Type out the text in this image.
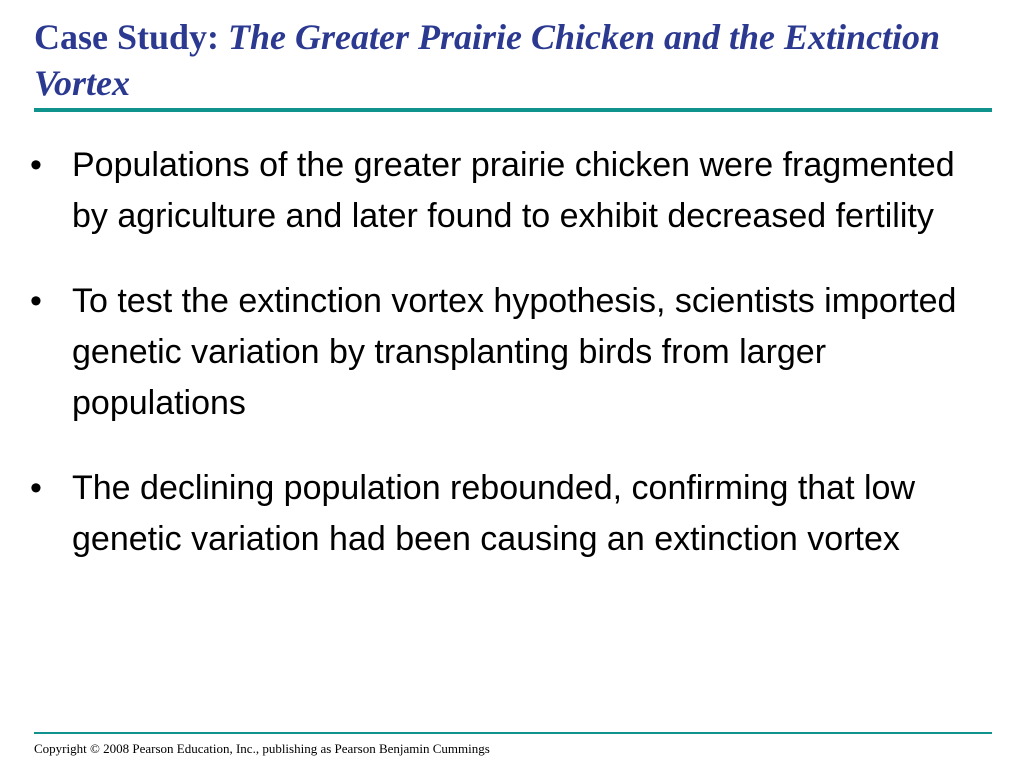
Case Study: The Greater Prairie Chicken and the Extinction Vortex
• Populations of the greater prairie chicken were fragmented by agriculture and later found to exhibit decreased fertility
• To test the extinction vortex hypothesis, scientists imported genetic variation by transplanting birds from larger populations
• The declining population rebounded, confirming that low genetic variation had been causing an extinction vortex
Copyright © 2008 Pearson Education, Inc., publishing as Pearson Benjamin Cummings
